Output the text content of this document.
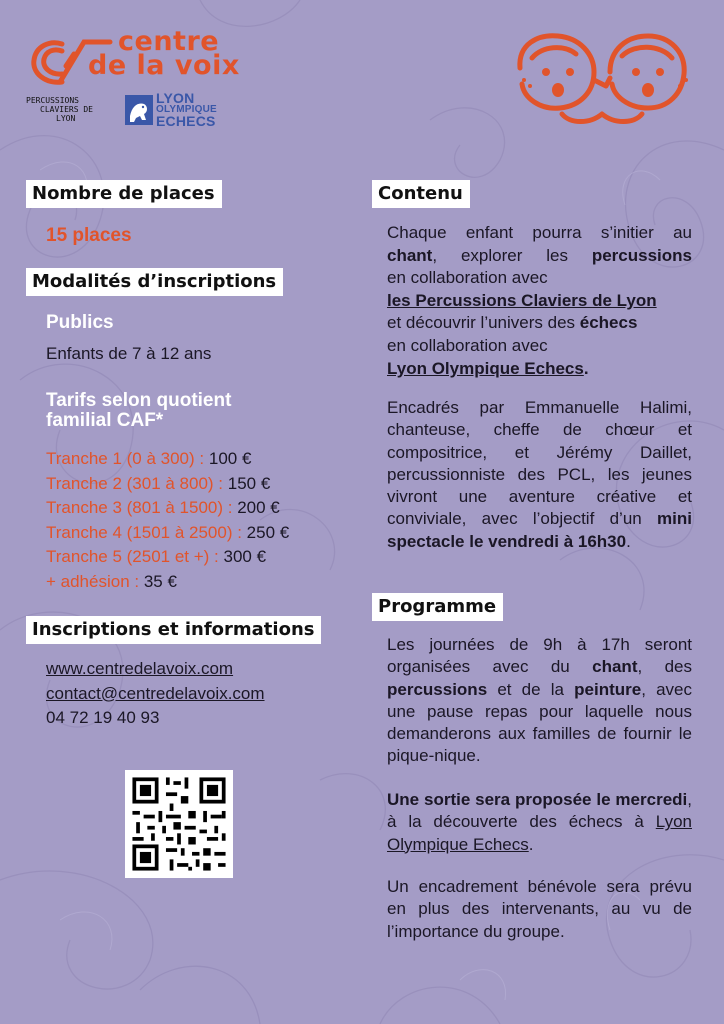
centre
de la voix
PERCUSSIONS
CLAVIERS DE
LYON
LYON
OLYMPIQUE
ECHECS
Nombre de places
15 places
Modalités d’inscriptions
Publics
Enfants de 7 à 12 ans
Tarifs selon quotient
familial CAF*
Tranche 1 (0 à 300) : 100 €
Tranche 2 (301 à 800) : 150 €
Tranche 3 (801 à 1500) : 200 €
Tranche 4 (1501 à 2500) : 250 €
Tranche 5 (2501 et +) : 300 €
+ adhésion : 35 €
Inscriptions et informations
www.centredelavoix.com
contact@centredelavoix.com
04 72 19 40 93
Contenu
Chaque enfant pourra s’initier au
chant, explorer les percussions
en collaboration avec
les Percussions Claviers de Lyon
et découvrir l’univers des échecs
en collaboration avec
Lyon Olympique Echecs.
Encadrés par Emmanuelle Halimi, chanteuse, cheffe de chœur et compositrice, et Jérémy Daillet, percussionniste des PCL, les jeunes vivront une aventure créative et conviviale, avec l’objectif d’un mini spectacle le vendredi à 16h30.
Programme
Les journées de 9h à 17h seront organisées avec du chant, des percussions et de la peinture, avec une pause repas pour laquelle nous demanderons aux familles de fournir le pique-nique.
Une sortie sera proposée le mercredi, à la découverte des échecs à Lyon Olympique Echecs.
Un encadrement bénévole sera prévu en plus des intervenants, au vu de l’importance du groupe.
